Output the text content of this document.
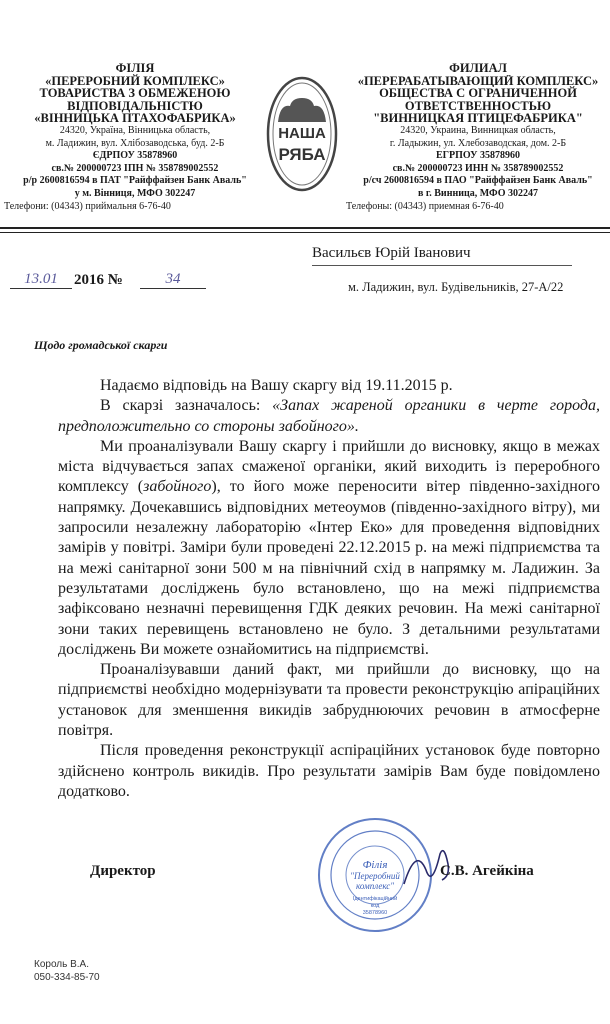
ФІЛІЯ
«ПЕРЕРОБНИЙ КОМПЛЕКС»
ТОВАРИСТВА З ОБМЕЖЕНОЮ
ВІДПОВІДАЛЬНІСТЮ
«ВІННИЦЬКА ПТАХОФАБРИКА»
24320, Україна, Вінницька область,
м. Ладижин, вул. Хлібозаводська, буд. 2-Б
ЄДРПОУ 35878960
св.№ 200000723 ІПН № 358789002552
р/р 2600816594 в ПАТ "Райффайзен Банк Аваль"
у м. Вінниця, МФО 302247
Телефони: (04343) приймальня 6-76-40
НАША
РЯБА
ФИЛИАЛ
«ПЕРЕРАБАТЫВАЮЩИЙ КОМПЛЕКС»
ОБЩЕСТВА С ОГРАНИЧЕННОЙ
ОТВЕТСТВЕННОСТЬЮ
"ВИННИЦКАЯ ПТИЦЕФАБРИКА"
24320, Украина, Винницкая область,
г. Ладыжин, ул. Хлебозаводская, дом. 2-Б
ЕГРПОУ 35878960
св.№ 200000723 ИНН № 358789002552
р/сч 2600816594 в ПАО "Райффайзен Банк Аваль"
в г. Винница, МФО 302247
Телефоны: (04343) приемная 6-76-40
13.01	2016 №	34
Васильєв Юрій Іванович
м. Ладижин, вул. Будівельників, 27-А/22
Щодо громадської скарги

Надаємо відповідь на Вашу скаргу від 19.11.2015 р.

В скарзі зазначалось: «Запах жареной органики в черте города, предположительно со стороны забойного».

Ми проаналізували Вашу скаргу і прийшли до висновку, якщо в межах міста відчувається запах смаженої органіки, який виходить із переробного комплексу (забойного), то його може переносити вітер південно-західного напрямку. Дочекавшись відповідних метеоумов (південно-західного вітру), ми запросили незалежну лабораторію «Інтер Еко» для проведення відповідних замірів у повітрі. Заміри були проведені 22.12.2015 р. на межі підприємства та на межі санітарної зони 500 м на північний схід в напрямку м. Ладижин. За результатами досліджень було встановлено, що на межі підприємства зафіксовано незначні перевищення ГДК деяких речовин. На межі санітарної зони таких перевищень встановлено не було. З детальними результатами досліджень Ви можете ознайомитись на підприємстві.

Проаналізувавши даний факт, ми прийшли до висновку, що на підприємстві необхідно модернізувати та провести реконструкцію апіраційних установок для зменшення викидів забруднюючих речовин в атмосферне повітря.

Після проведення реконструкції аспіраційних установок буде повторно здійснено контроль викидів. Про результати замірів Вам буде повідомлено додатково.

Філія
"Переробний
комплекс"
Ідентифікаційний
код
35878960
Директор	С.В. Агейкіна
Король В.А.
050-334-85-70
